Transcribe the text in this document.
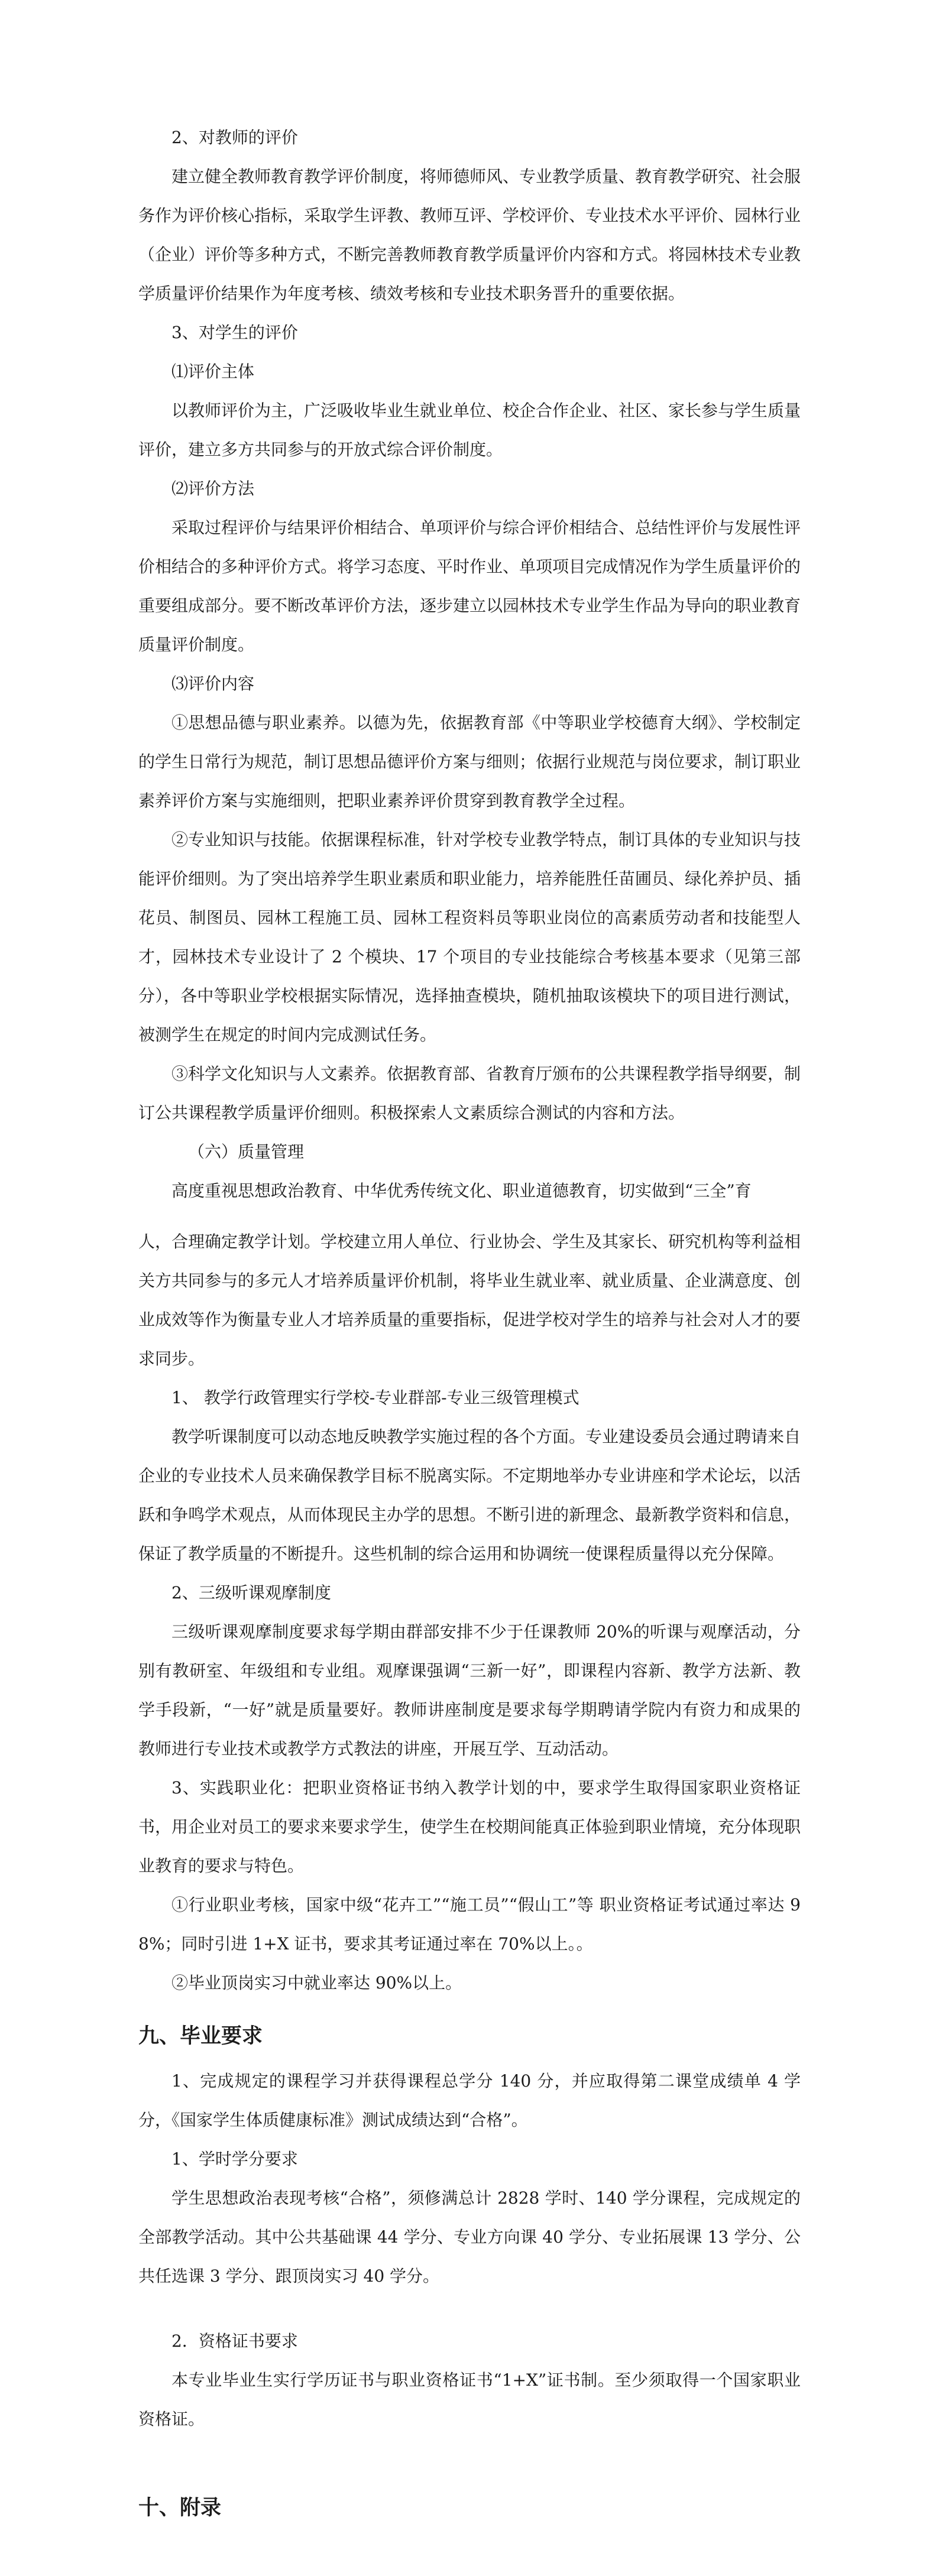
2、对教师的评价

建立健全教师教育教学评价制度，将师德师风、专业教学质量、教育教学研究、社会服务作为评价核心指标，采取学生评教、教师互评、学校评价、专业技术水平评价、园林行业（企业）评价等多种方式，不断完善教师教育教学质量评价内容和方式。将园林技术专业教学质量评价结果作为年度考核、绩效考核和专业技术职务晋升的重要依据。

3、对学生的评价

⑴评价主体

以教师评价为主，广泛吸收毕业生就业单位、校企合作企业、社区、家长参与学生质量评价，建立多方共同参与的开放式综合评价制度。

⑵评价方法

采取过程评价与结果评价相结合、单项评价与综合评价相结合、总结性评价与发展性评价相结合的多种评价方式。将学习态度、平时作业、单项项目完成情况作为学生质量评价的重要组成部分。要不断改革评价方法，逐步建立以园林技术专业学生作品为导向的职业教育质量评价制度。

⑶评价内容

①思想品德与职业素养。以德为先，依据教育部《中等职业学校德育大纲》、学校制定的学生日常行为规范，制订思想品德评价方案与细则；依据行业规范与岗位要求，制订职业素养评价方案与实施细则，把职业素养评价贯穿到教育教学全过程。

②专业知识与技能。依据课程标准，针对学校专业教学特点，制订具体的专业知识与技能评价细则。为了突出培养学生职业素质和职业能力，培养能胜任苗圃员、绿化养护员、插花员、制图员、园林工程施工员、园林工程资料员等职业岗位的高素质劳动者和技能型人才，园林技术专业设计了 2 个模块、17 个项目的专业技能综合考核基本要求（见第三部分），各中等职业学校根据实际情况，选择抽查模块，随机抽取该模块下的项目进行测试，被测学生在规定的时间内完成测试任务。

③科学文化知识与人文素养。依据教育部、省教育厅颁布的公共课程教学指导纲要，制订公共课程教学质量评价细则。积极探索人文素质综合测试的内容和方法。

（六）质量管理

高度重视思想政治教育、中华优秀传统文化、职业道德教育，切实做到“三全”育

人，合理确定教学计划。学校建立用人单位、行业协会、学生及其家长、研究机构等利益相关方共同参与的多元人才培养质量评价机制，将毕业生就业率、就业质量、企业满意度、创业成效等作为衡量专业人才培养质量的重要指标，促进学校对学生的培养与社会对人才的要求同步。

1、 教学行政管理实行学校-专业群部-专业三级管理模式

教学听课制度可以动态地反映教学实施过程的各个方面。专业建设委员会通过聘请来自企业的专业技术人员来确保教学目标不脱离实际。不定期地举办专业讲座和学术论坛，以活跃和争鸣学术观点，从而体现民主办学的思想。不断引进的新理念、最新教学资料和信息，保证了教学质量的不断提升。这些机制的综合运用和协调统一使课程质量得以充分保障。

2、三级听课观摩制度

三级听课观摩制度要求每学期由群部安排不少于任课教师 20%的听课与观摩活动，分别有教研室、年级组和专业组。观摩课强调“三新一好”，即课程内容新、教学方法新、教学手段新，“一好”就是质量要好。教师讲座制度是要求每学期聘请学院内有资力和成果的教师进行专业技术或教学方式教法的讲座，开展互学、互动活动。

3、实践职业化：把职业资格证书纳入教学计划的中，要求学生取得国家职业资格证书，用企业对员工的要求来要求学生，使学生在校期间能真正体验到职业情境，充分体现职业教育的要求与特色。

①行业职业考核，国家中级“花卉工”“施工员”“假山工”等 职业资格证考试通过率达 98%；同时引进 1+X 证书，要求其考证通过率在 70%以上。。

②毕业顶岗实习中就业率达 90%以上。

九、毕业要求

1、完成规定的课程学习并获得课程总学分 140 分，并应取得第二课堂成绩单 4 学分，《国家学生体质健康标准》测试成绩达到“合格”。

1、学时学分要求

学生思想政治表现考核“合格”，须修满总计 2828 学时、140 学分课程，完成规定的全部教学活动。其中公共基础课 44 学分、专业方向课 40 学分、专业拓展课 13 学分、公共任选课 3 学分、跟顶岗实习 40 学分。

2．资格证书要求

本专业毕业生实行学历证书与职业资格证书“1+X”证书制。至少须取得一个国家职业资格证。

十、附录
